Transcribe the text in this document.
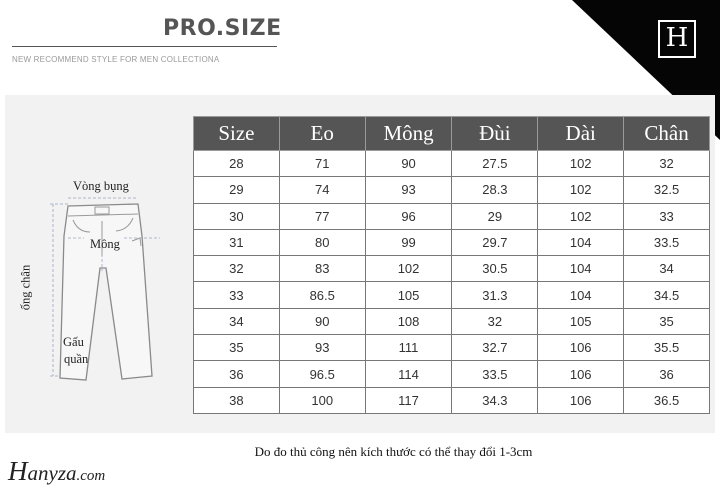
H
PRO.SIZE
NEW RECOMMEND STYLE FOR MEN COLLECTIONA
Vòng bụng
Mông
ống chân
Gấu
quần
Size	Eo	Mông	Đùi	Dài	Chân
28	71	90	27.5	102	32
29	74	93	28.3	102	32.5
30	77	96	29	102	33
31	80	99	29.7	104	33.5
32	83	102	30.5	104	34
33	86.5	105	31.3	104	34.5
34	90	108	32	105	35
35	93	111	32.7	106	35.5
36	96.5	114	33.5	106	36
38	100	117	34.3	106	36.5
Do đo thủ công nên kích thước có thể thay đổi 1-3cm
Hanyza.com
